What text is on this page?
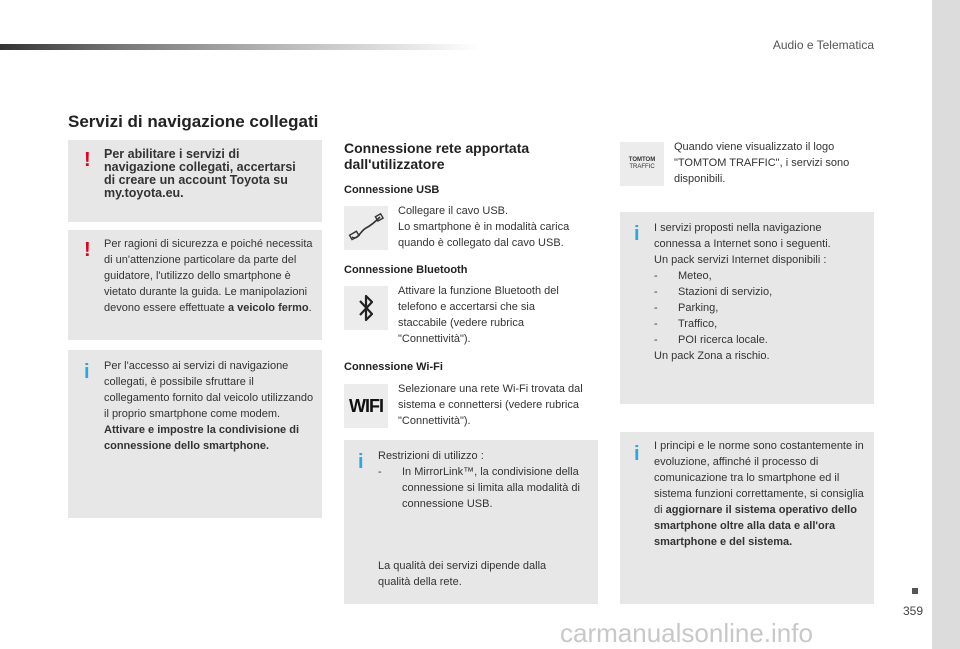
Audio e Telematica
Servizi di navigazione collegati
! Per abilitare i servizi di navigazione collegati, accertarsi di creare un account Toyota su my.toyota.eu.
! Per ragioni di sicurezza e poiché necessita di un'attenzione particolare da parte del guidatore, l'utilizzo dello smartphone è vietato durante la guida. Le manipolazioni devono essere effettuate a veicolo fermo.
i Per l'accesso ai servizi di navigazione collegati, è possibile sfruttare il collegamento fornito dal veicolo utilizzando il proprio smartphone come modem.
Attivare e impostre la condivisione di connessione dello smartphone.
Connessione rete apportata dall'utilizzatore
Connessione USB
Collegare il cavo USB.
Lo smartphone è in modalità carica quando è collegato dal cavo USB.
Connessione Bluetooth
Attivare la funzione Bluetooth del telefono e accertarsi che sia staccabile (vedere rubrica "Connettività").
Connessione Wi-Fi
WIFI
Selezionare una rete Wi-Fi trovata dal sistema e connettersi (vedere rubrica "Connettività").
i Restrizioni di utilizzo :
- In MirrorLink™, la condivisione della connessione si limita alla modalità di connessione USB.
La qualità dei servizi dipende dalla qualità della rete.
TOMTOM
TRAFFIC
Quando viene visualizzato il logo "TOMTOM TRAFFIC", i servizi sono disponibili.
i I servizi proposti nella navigazione connessa a Internet sono i seguenti.
Un pack servizi Internet disponibili :
- Meteo,
- Stazioni di servizio,
- Parking,
- Traffico,
- POI ricerca locale.
Un pack Zona a rischio.
i I principi e le norme sono costantemente in evoluzione, affinché il processo di comunicazione tra lo smartphone ed il sistema funzioni correttamente, si consiglia di aggiornare il sistema operativo dello smartphone oltre alla data e all'ora smartphone e del sistema.
359
carmanualsonline.info
